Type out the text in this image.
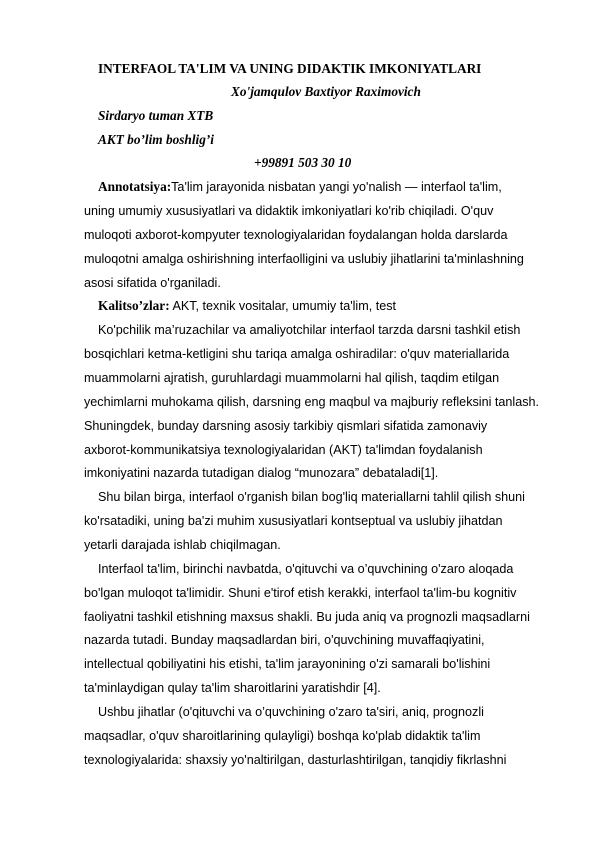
INTERFAOL TA'LIM VA UNING DIDAKTIK IMKONIYATLARI
Xo'jamqulov Baxtiyor Raximovich
Sirdaryo tuman XTB
AKT bo’lim boshlig’i
+99891 503 30 10
Annotatsiya:Ta'lim jarayonida nisbatan yangi yo'nalish — interfaol ta'lim,
uning umumiy xususiyatlari va didaktik imkoniyatlari ko'rib chiqiladi. O'quv
muloqoti axborot-kompyuter texnologiyalaridan foydalangan holda darslarda
muloqotni amalga oshirishning interfaolligini va uslubiy jihatlarini ta'minlashning
asosi sifatida o'rganiladi.
Kalitso’zlar: AKT, texnik vositalar, umumiy ta'lim, test
Ko'pchilik ma’ruzachilar va amaliyotchilar interfaol tarzda darsni tashkil etish
bosqichlari ketma-ketligini shu tariqa amalga oshiradilar: o'quv materiallarida
muammolarni ajratish, guruhlardagi muammolarni hal qilish, taqdim etilgan
yechimlarni muhokama qilish, darsning eng maqbul va majburiy refleksini tanlash.
Shuningdek, bunday darsning asosiy tarkibiy qismlari sifatida zamonaviy
axborot-kommunikatsiya texnologiyalaridan (AKT) ta'limdan foydalanish
imkoniyatini nazarda tutadigan dialog “munozara” debataladi[1].
Shu bilan birga, interfaol o'rganish bilan bog'liq materiallarni tahlil qilish shuni
ko'rsatadiki, uning ba'zi muhim xususiyatlari kontseptual va uslubiy jihatdan
yetarli darajada ishlab chiqilmagan.
Interfaol ta'lim, birinchi navbatda, o'qituvchi va o’quvchining o'zaro aloqada
bo'lgan muloqot ta'limidir. Shuni e'tirof etish kerakki, interfaol ta'lim-bu kognitiv
faoliyatni tashkil etishning maxsus shakli. Bu juda aniq va prognozli maqsadlarni
nazarda tutadi. Bunday maqsadlardan biri, o'quvchining muvaffaqiyatini,
intellectual qobiliyatini his etishi, ta'lim jarayonining o'zi samarali bo'lishini
ta'minlaydigan qulay ta'lim sharoitlarini yaratishdir [4].
Ushbu jihatlar (o'qituvchi va o’quvchining o'zaro ta'siri, aniq, prognozli
maqsadlar, o'quv sharoitlarining qulayligi) boshqa ko'plab didaktik ta'lim
texnologiyalarida: shaxsiy yo'naltirilgan, dasturlashtirilgan, tanqidiy fikrlashni
